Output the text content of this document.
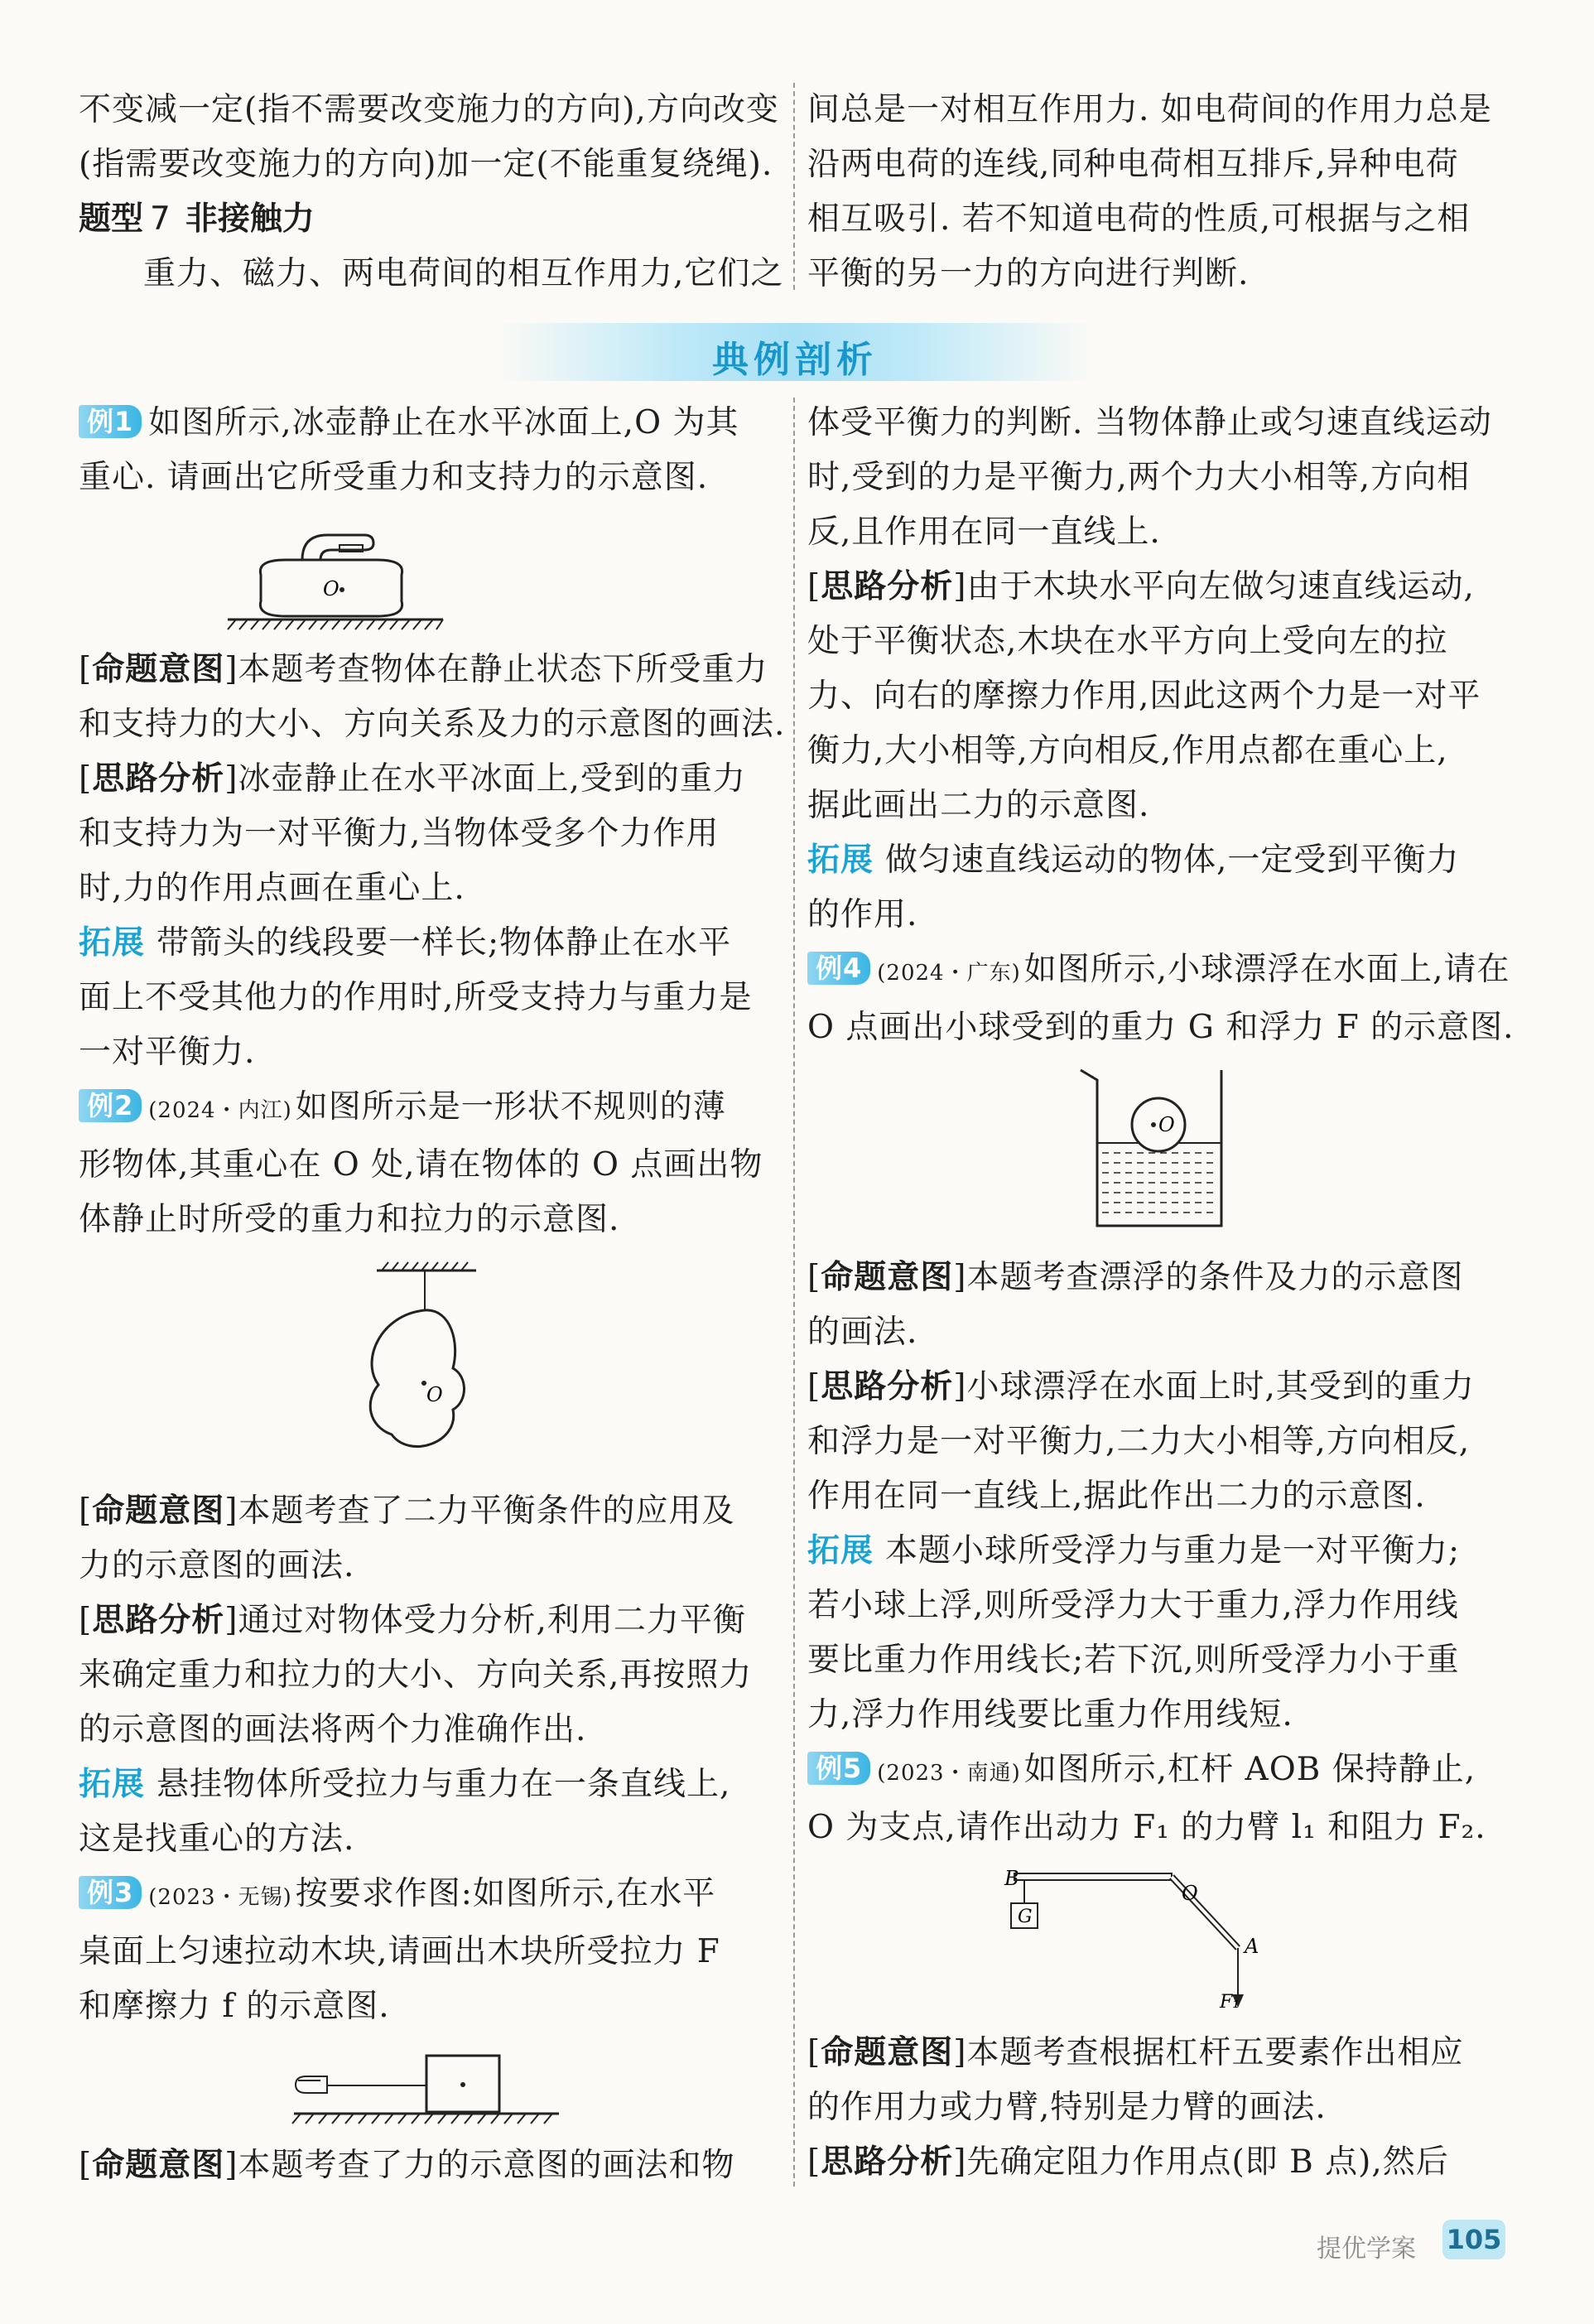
不变减一定(指不需要改变施力的方向),方向改变
(指需要改变施力的方向)加一定(不能重复绕绳).
题型 7 非接触力
重力、磁力、两电荷间的相互作用力,它们之
间总是一对相互作用力. 如电荷间的作用力总是
沿两电荷的连线,同种电荷相互排斥,异种电荷
相互吸引. 若不知道电荷的性质,可根据与之相
平衡的另一力的方向进行判断.
典例剖析
例1 如图所示,冰壶静止在水平冰面上,O 为其
重心. 请画出它所受重力和支持力的示意图.
O
[命题意图]本题考查物体在静止状态下所受重力
和支持力的大小、方向关系及力的示意图的画法.
[思路分析]冰壶静止在水平冰面上,受到的重力
和支持力为一对平衡力,当物体受多个力作用
时,力的作用点画在重心上.
拓展 带箭头的线段要一样长;物体静止在水平
面上不受其他力的作用时,所受支持力与重力是
一对平衡力.
例2 (2024・内江) 如图所示是一形状不规则的薄
形物体,其重心在 O 处,请在物体的 O 点画出物
体静止时所受的重力和拉力的示意图.
O
[命题意图]本题考查了二力平衡条件的应用及
力的示意图的画法.
[思路分析]通过对物体受力分析,利用二力平衡
来确定重力和拉力的大小、方向关系,再按照力
的示意图的画法将两个力准确作出.
拓展 悬挂物体所受拉力与重力在一条直线上,
这是找重心的方法.
例3 (2023・无锡) 按要求作图:如图所示,在水平
桌面上匀速拉动木块,请画出木块所受拉力 F
和摩擦力 f 的示意图.
[命题意图]本题考查了力的示意图的画法和物
体受平衡力的判断. 当物体静止或匀速直线运动
时,受到的力是平衡力,两个力大小相等,方向相
反,且作用在同一直线上.
[思路分析]由于木块水平向左做匀速直线运动,
处于平衡状态,木块在水平方向上受向左的拉
力、向右的摩擦力作用,因此这两个力是一对平
衡力,大小相等,方向相反,作用点都在重心上,
据此画出二力的示意图.
拓展 做匀速直线运动的物体,一定受到平衡力
的作用.
例4 (2024・广东) 如图所示,小球漂浮在水面上,请在
O 点画出小球受到的重力 G 和浮力 F 的示意图.
O
[命题意图]本题考查漂浮的条件及力的示意图
的画法.
[思路分析]小球漂浮在水面上时,其受到的重力
和浮力是一对平衡力,二力大小相等,方向相反,
作用在同一直线上,据此作出二力的示意图.
拓展 本题小球所受浮力与重力是一对平衡力;
若小球上浮,则所受浮力大于重力,浮力作用线
要比重力作用线长;若下沉,则所受浮力小于重
力,浮力作用线要比重力作用线短.
例5 (2023・南通) 如图所示,杠杆 AOB 保持静止,
O 为支点,请作出动力 F₁ 的力臂 l₁ 和阻力 F₂.
B
O
G
A
F₁
[命题意图]本题考查根据杠杆五要素作出相应
的作用力或力臂,特别是力臂的画法.
[思路分析]先确定阻力作用点(即 B 点),然后
提优学案 105
